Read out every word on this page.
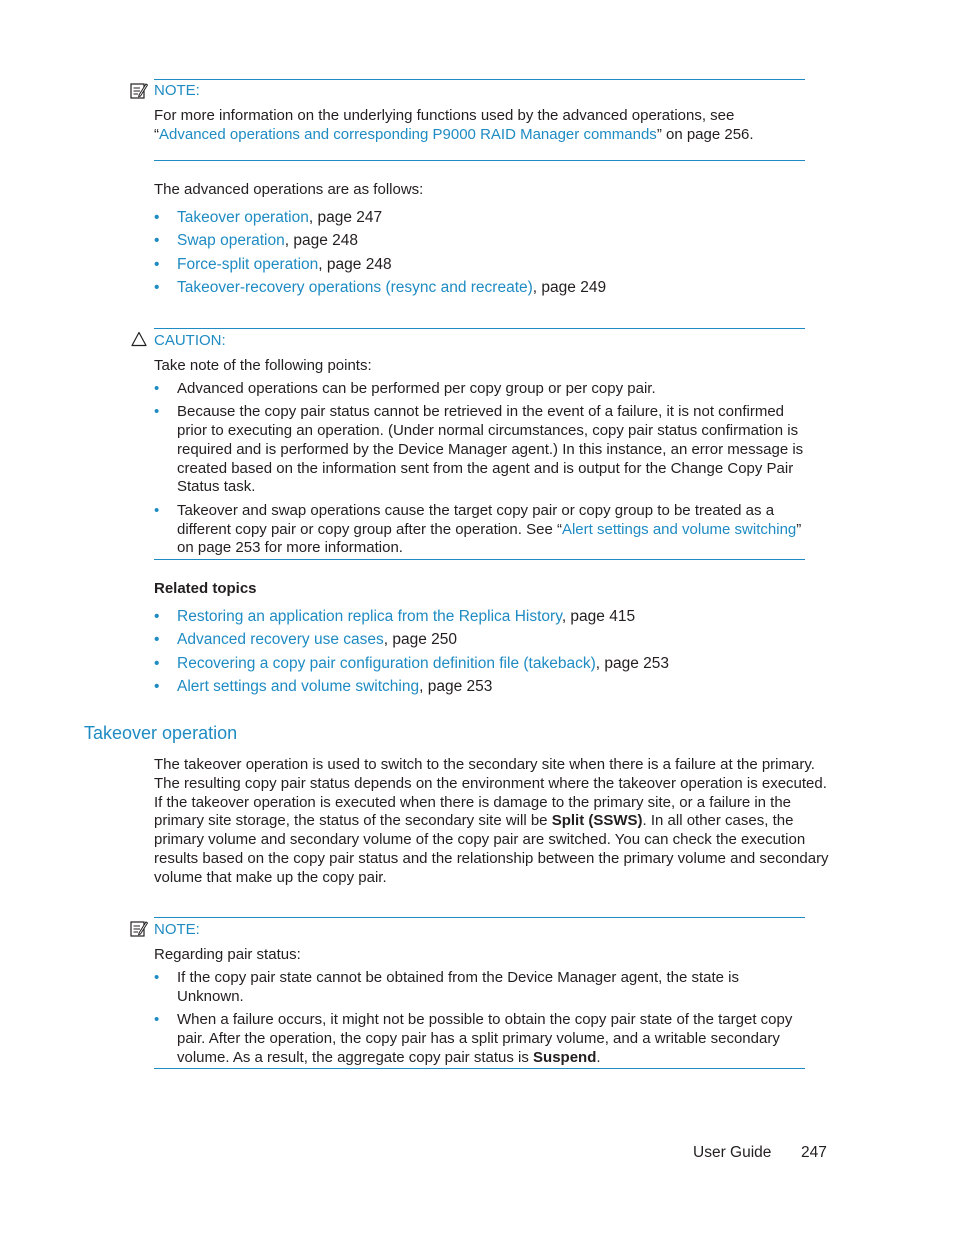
NOTE:
For more information on the underlying functions used by the advanced operations, see “Advanced operations and corresponding P9000 RAID Manager commands” on page 256.
The advanced operations are as follows:
• Takeover operation, page 247
• Swap operation, page 248
• Force-split operation, page 248
• Takeover-recovery operations (resync and recreate), page 249
CAUTION:
Take note of the following points:
• Advanced operations can be performed per copy group or per copy pair.
• Because the copy pair status cannot be retrieved in the event of a failure, it is not confirmed prior to executing an operation. (Under normal circumstances, copy pair status confirmation is required and is performed by the Device Manager agent.) In this instance, an error message is created based on the information sent from the agent and is output for the Change Copy Pair Status task.
• Takeover and swap operations cause the target copy pair or copy group to be treated as a different copy pair or copy group after the operation. See “Alert settings and volume switching” on page 253 for more information.
Related topics
• Restoring an application replica from the Replica History, page 415
• Advanced recovery use cases, page 250
• Recovering a copy pair configuration definition file (takeback), page 253
• Alert settings and volume switching, page 253
Takeover operation
The takeover operation is used to switch to the secondary site when there is a failure at the primary. The resulting copy pair status depends on the environment where the takeover operation is executed. If the takeover operation is executed when there is damage to the primary site, or a failure in the primary site storage, the status of the secondary site will be Split (SSWS). In all other cases, the primary volume and secondary volume of the copy pair are switched. You can check the execution results based on the copy pair status and the relationship between the primary volume and secondary volume that make up the copy pair.
NOTE:
Regarding pair status:
• If the copy pair state cannot be obtained from the Device Manager agent, the state is Unknown.
• When a failure occurs, it might not be possible to obtain the copy pair state of the target copy pair. After the operation, the copy pair has a split primary volume, and a writable secondary volume. As a result, the aggregate copy pair status is Suspend.
User Guide 247
